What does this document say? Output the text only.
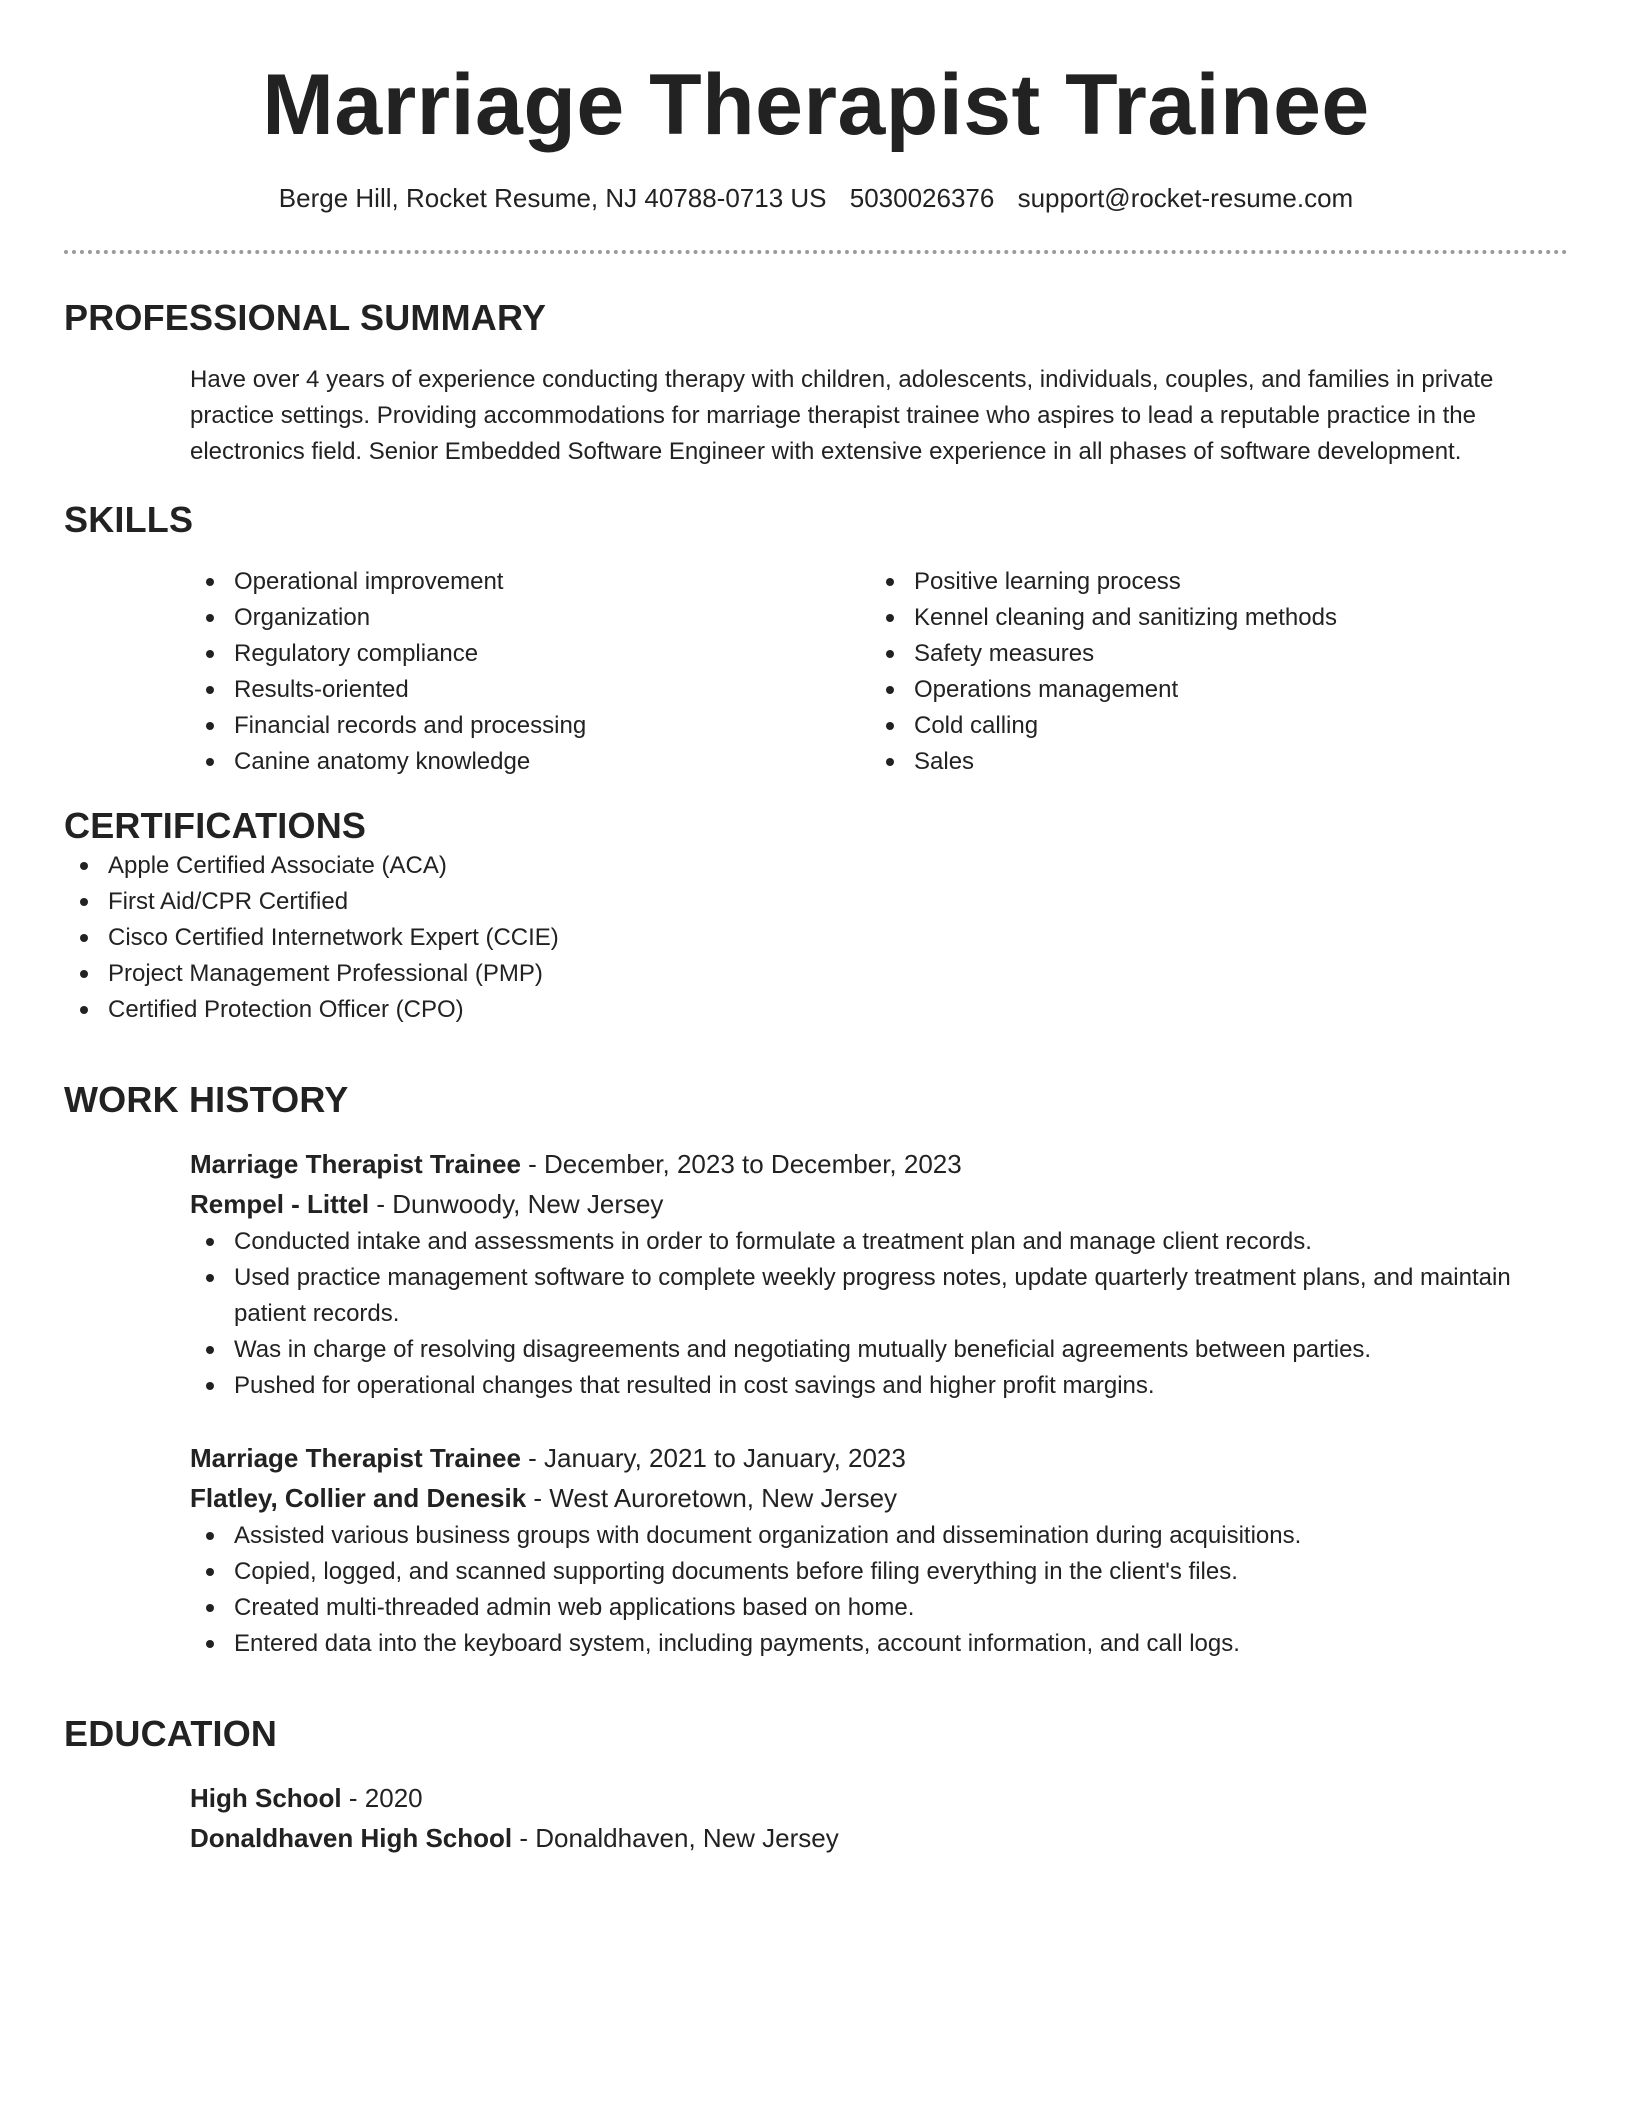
Marriage Therapist Trainee
Berge Hill, Rocket Resume, NJ 40788-0713 US 5030026376 support@rocket-resume.com
PROFESSIONAL SUMMARY
Have over 4 years of experience conducting therapy with children, adolescents, individuals, couples, and families in private practice settings. Providing accommodations for marriage therapist trainee who aspires to lead a reputable practice in the electronics field. Senior Embedded Software Engineer with extensive experience in all phases of software development.
SKILLS
Operational improvement
Organization
Regulatory compliance
Results-oriented
Financial records and processing
Canine anatomy knowledge
Positive learning process
Kennel cleaning and sanitizing methods
Safety measures
Operations management
Cold calling
Sales
CERTIFICATIONS
Apple Certified Associate (ACA)
First Aid/CPR Certified
Cisco Certified Internetwork Expert (CCIE)
Project Management Professional (PMP)
Certified Protection Officer (CPO)
WORK HISTORY
Marriage Therapist Trainee - December, 2023 to December, 2023
Rempel - Littel - Dunwoody, New Jersey
Conducted intake and assessments in order to formulate a treatment plan and manage client records.
Used practice management software to complete weekly progress notes, update quarterly treatment plans, and maintain patient records.
Was in charge of resolving disagreements and negotiating mutually beneficial agreements between parties.
Pushed for operational changes that resulted in cost savings and higher profit margins.
Marriage Therapist Trainee - January, 2021 to January, 2023
Flatley, Collier and Denesik - West Auroretown, New Jersey
Assisted various business groups with document organization and dissemination during acquisitions.
Copied, logged, and scanned supporting documents before filing everything in the client's files.
Created multi-threaded admin web applications based on home.
Entered data into the keyboard system, including payments, account information, and call logs.
EDUCATION
High School - 2020
Donaldhaven High School - Donaldhaven, New Jersey
